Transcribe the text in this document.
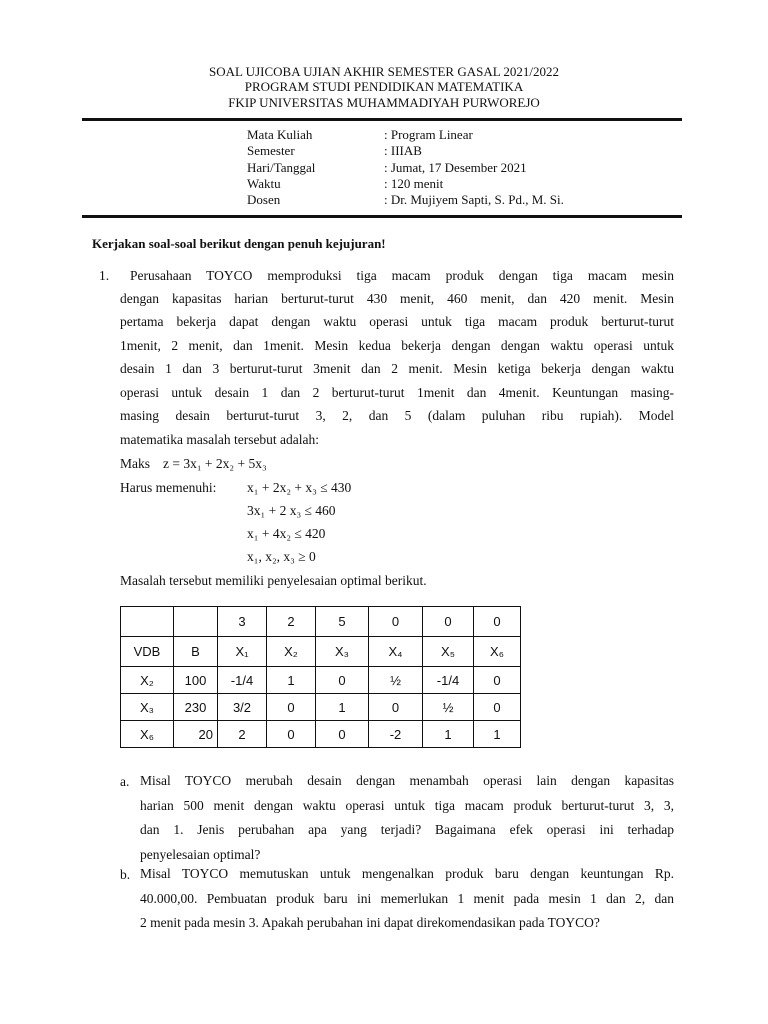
SOAL UJICOBA UJIAN AKHIR SEMESTER GASAL 2021/2022
PROGRAM STUDI PENDIDIKAN MATEMATIKA
FKIP UNIVERSITAS MUHAMMADIYAH PURWOREJO
Mata Kuliah	: Program Linear
Semester	: IIIAB
Hari/Tanggal	: Jumat, 17 Desember 2021
Waktu	: 120 menit
Dosen	: Dr. Mujiyem Sapti, S. Pd., M. Si.
Kerjakan soal-soal berikut dengan penuh kejujuran!
1.	Perusahaan TOYCO memproduksi tiga macam produk dengan tiga macam mesin
dengan kapasitas harian berturut-turut 430 menit, 460 menit, dan 420 menit. Mesin
pertama bekerja dapat dengan waktu operasi untuk tiga macam produk berturut-turut
1menit, 2 menit, dan 1menit. Mesin kedua bekerja dengan dengan waktu operasi untuk
desain 1 dan 3 berturut-turut 3menit dan 2 menit. Mesin ketiga bekerja dengan waktu
operasi untuk desain 1 dan 2 berturut-turut 1menit dan 4menit. Keuntungan masing-
masing desain berturut-turut 3, 2, dan 5 (dalam puluhan ribu rupiah). Model
matematika masalah tersebut adalah:
Maks z = 3x₁ + 2x₂ + 5x₃
Harus memenuhi: x₁ + 2x₂ + x₃ ≤ 430
3x₁ + 2 x₃ ≤ 460
x₁ + 4x₂ ≤ 420
x₁, x₂, x₃ ≥ 0
Masalah tersebut memiliki penyelesaian optimal berikut.
		3	2	5	0	0	0
VDB	B	X₁	X₂	X₃	X₄	X₅	X₆
X₂	100	-1/4	1	0	½	-1/4	0
X₃	230	3/2	0	1	0	½	0
X₆	20	2	0	0	-2	1	1
a. Misal TOYCO merubah desain dengan menambah operasi lain dengan kapasitas
harian 500 menit dengan waktu operasi untuk tiga macam produk berturut-turut 3, 3,
dan 1. Jenis perubahan apa yang terjadi? Bagaimana efek operasi ini terhadap
penyelesaian optimal?
b. Misal TOYCO memutuskan untuk mengenalkan produk baru dengan keuntungan Rp.
40.000,00. Pembuatan produk baru ini memerlukan 1 menit pada mesin 1 dan 2, dan
2 menit pada mesin 3. Apakah perubahan ini dapat direkomendasikan pada TOYCO?
